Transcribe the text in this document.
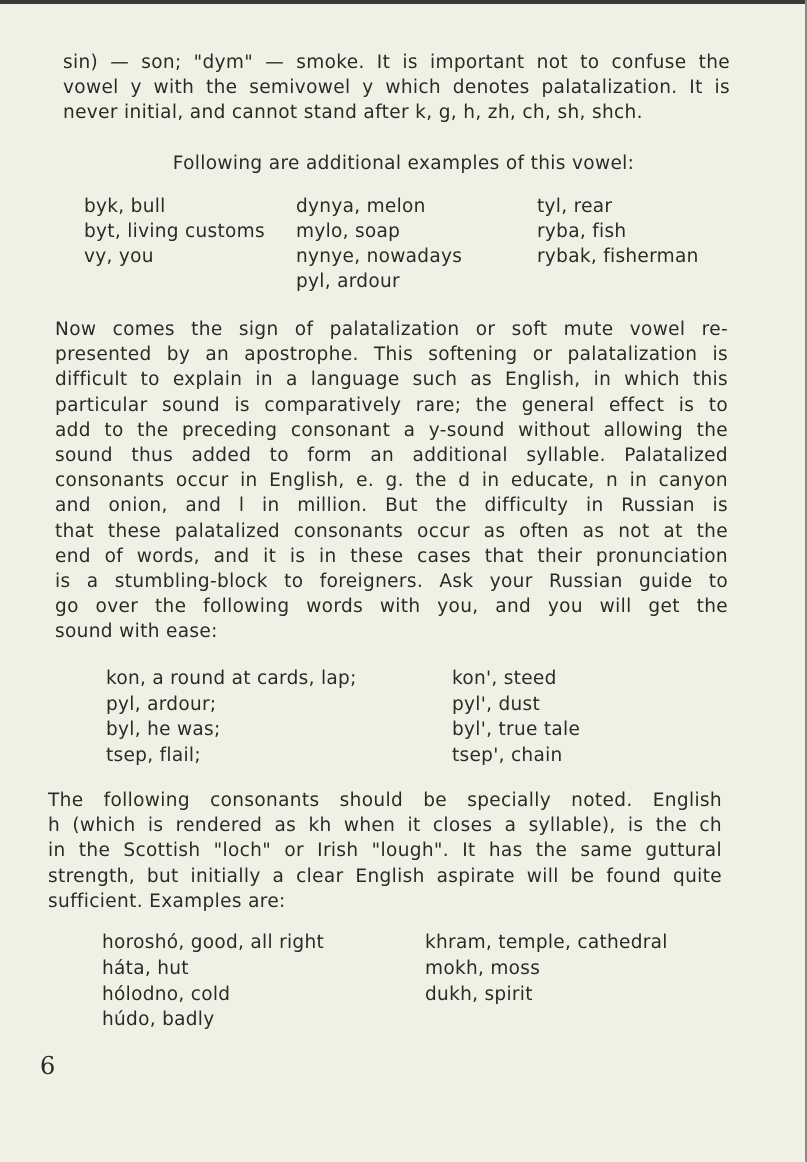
sin) — son; "dym" — smoke. It is important not to confuse the
vowel y with the semivowel y which denotes palatalization. It is
never initial, and cannot stand after k, g, h, zh, ch, sh, shch.
Following are additional examples of this vowel:
byk, bull
byt, living customs
vy, you
dynya, melon
mylo, soap
nynye, nowadays
pyl, ardour
tyl, rear
ryba, fish
rybak, fisherman
Now comes the sign of palatalization or soft mute vowel re-
presented by an apostrophe. This softening or palatalization is
difficult to explain in a language such as English, in which this
particular sound is comparatively rare; the general effect is to
add to the preceding consonant a y-sound without allowing the
sound thus added to form an additional syllable. Palatalized
consonants occur in English, e. g. the d in educate, n in canyon
and onion, and l in million. But the difficulty in Russian is
that these palatalized consonants occur as often as not at the
end of words, and it is in these cases that their pronunciation
is a stumbling-block to foreigners. Ask your Russian guide to
go over the following words with you, and you will get the
sound with ease:
kon, a round at cards, lap;
pyl, ardour;
byl, he was;
tsep, flail;
kon', steed
pyl', dust
byl', true tale
tsep', chain
The following consonants should be specially noted. English
h (which is rendered as kh when it closes a syllable), is the ch
in the Scottish "loch" or Irish "lough". It has the same guttural
strength, but initially a clear English aspirate will be found quite
sufficient. Examples are:
horoshó, good, all right
háta, hut
hólodno, cold
húdo, badly
khram, temple, cathedral
mokh, moss
dukh, spirit
6
